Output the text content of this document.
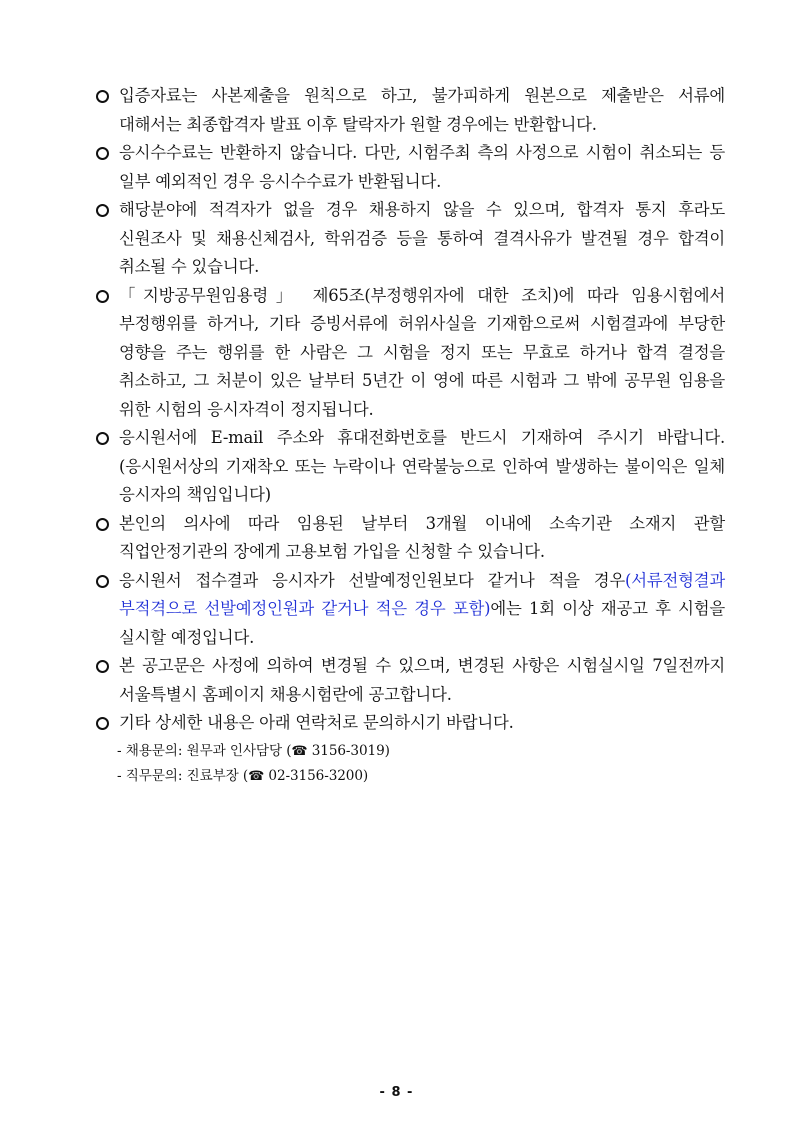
입증자료는 사본제출을 원칙으로 하고, 불가피하게 원본으로 제출받은 서류에 대해서는 최종합격자 발표 이후 탈락자가 원할 경우에는 반환합니다.
응시수수료는 반환하지 않습니다. 다만, 시험주최 측의 사정으로 시험이 취소되는 등 일부 예외적인 경우 응시수수료가 반환됩니다.
해당분야에 적격자가 없을 경우 채용하지 않을 수 있으며, 합격자 통지 후라도 신원조사 및 채용신체검사, 학위검증 등을 통하여 결격사유가 발견될 경우 합격이 취소될 수 있습니다.
「지방공무원임용령」 제65조(부정행위자에 대한 조치)에 따라 임용시험에서 부정행위를 하거나, 기타 증빙서류에 허위사실을 기재함으로써 시험결과에 부당한 영향을 주는 행위를 한 사람은 그 시험을 정지 또는 무효로 하거나 합격 결정을 취소하고, 그 처분이 있은 날부터 5년간 이 영에 따른 시험과 그 밖에 공무원 임용을 위한 시험의 응시자격이 정지됩니다.
응시원서에 E-mail 주소와 휴대전화번호를 반드시 기재하여 주시기 바랍니다. (응시원서상의 기재착오 또는 누락이나 연락불능으로 인하여 발생하는 불이익은 일체 응시자의 책임입니다)
본인의 의사에 따라 임용된 날부터 3개월 이내에 소속기관 소재지 관할 직업안정기관의 장에게 고용보험 가입을 신청할 수 있습니다.
응시원서 접수결과 응시자가 선발예정인원보다 같거나 적을 경우(서류전형결과 부적격으로 선발예정인원과 같거나 적은 경우 포함)에는 1회 이상 재공고 후 시험을 실시할 예정입니다.
본 공고문은 사정에 의하여 변경될 수 있으며, 변경된 사항은 시험실시일 7일전까지 서울특별시 홈페이지 채용시험란에 공고합니다.
기타 상세한 내용은 아래 연락처로 문의하시기 바랍니다.
- 채용문의: 원무과 인사담당 (☎ 3156-3019)
- 직무문의: 진료부장 (☎ 02-3156-3200)
- 8 -
